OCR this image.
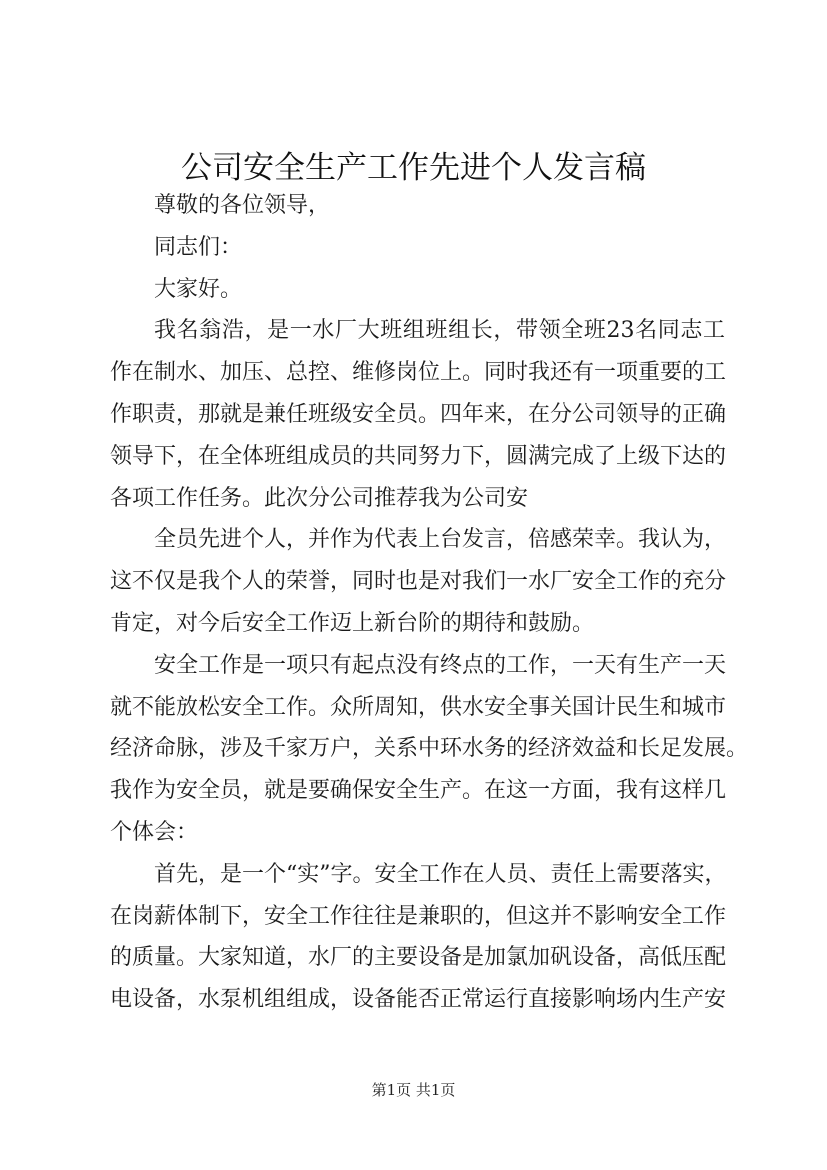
公司安全生产工作先进个人发言稿
尊敬的各位领导，
同志们：
大家好。
我名翁浩，是一水厂大班组班组长，带领全班23名同志工
作在制水、加压、总控、维修岗位上。同时我还有一项重要的工
作职责，那就是兼任班级安全员。四年来，在分公司领导的正确
领导下，在全体班组成员的共同努力下，圆满完成了上级下达的
各项工作任务。此次分公司推荐我为公司安
全员先进个人，并作为代表上台发言，倍感荣幸。我认为，
这不仅是我个人的荣誉，同时也是对我们一水厂安全工作的充分
肯定，对今后安全工作迈上新台阶的期待和鼓励。
安全工作是一项只有起点没有终点的工作，一天有生产一天
就不能放松安全工作。众所周知，供水安全事关国计民生和城市
经济命脉，涉及千家万户，关系中环水务的经济效益和长足发展。
我作为安全员，就是要确保安全生产。在这一方面，我有这样几
个体会：
首先，是一个“实”字。安全工作在人员、责任上需要落实，
在岗薪体制下，安全工作往往是兼职的，但这并不影响安全工作
的质量。大家知道，水厂的主要设备是加氯加矾设备，高低压配
电设备，水泵机组组成，设备能否正常运行直接影响场内生产安
第1页 共1页
